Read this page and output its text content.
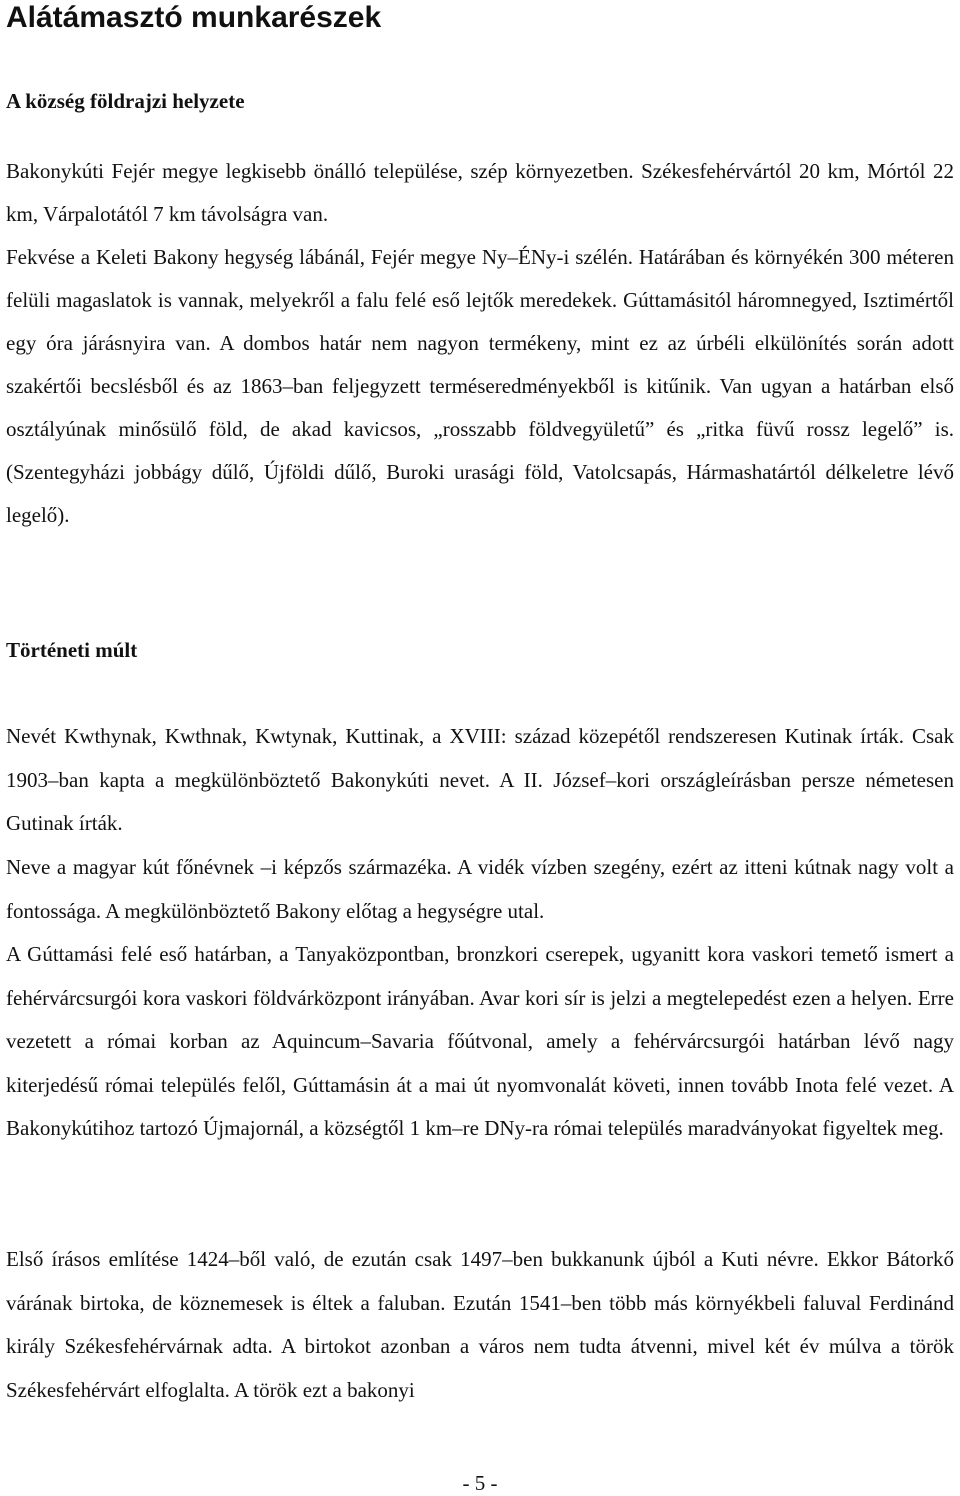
Alátámasztó munkarészek
A község földrajzi helyzete

Bakonykúti Fejér megye legkisebb önálló települése, szép környezetben. Székesfehérvártól 20 km, Mórtól 22 km, Várpalotától 7 km távolságra van.

Fekvése a Keleti Bakony hegység lábánál, Fejér megye Ny–ÉNy-i szélén. Határában és környékén 300 méteren felüli magaslatok is vannak, melyekről a falu felé eső lejtők meredekek. Gúttamásitól háromnegyed, Isztimértől egy óra járásnyira van. A dombos határ nem nagyon termékeny, mint ez az úrbéli elkülönítés során adott szakértői becslésből és az 1863–ban feljegyzett terméseredményekből is kitűnik. Van ugyan a határban első osztályúnak minősülő föld, de akad kavicsos, „rosszabb földvegyületű” és „ritka füvű rossz legelő” is. (Szentegyházi jobbágy dűlő, Újföldi dűlő, Buroki urasági föld, Vatolcsapás, Hármashatártól délkeletre lévő legelő).

Történeti múlt

Nevét Kwthynak, Kwthnak, Kwtynak, Kuttinak, a XVIII: század közepétől rendszeresen Kutinak írták. Csak 1903–ban kapta a megkülönböztető Bakonykúti nevet. A II. József–kori országleírásban persze németesen Gutinak írták.

Neve a magyar kút főnévnek –i képzős származéka. A vidék vízben szegény, ezért az itteni kútnak nagy volt a fontossága. A megkülönböztető Bakony előtag a hegységre utal.

A Gúttamási felé eső határban, a Tanyaközpontban, bronzkori cserepek, ugyanitt kora vaskori temető ismert a fehérvárcsurgói kora vaskori földvárközpont irányában. Avar kori sír is jelzi a megtelepedést ezen a helyen. Erre vezetett a római korban az Aquincum–Savaria főútvonal, amely a fehérvárcsurgói határban lévő nagy kiterjedésű római település felől, Gúttamásin át a mai út nyomvonalát követi, innen tovább Inota felé vezet. A Bakonykútihoz tartozó Újmajornál, a községtől 1 km–re DNy-ra római település maradványokat figyeltek meg.

Első írásos említése 1424–ből való, de ezután csak 1497–ben bukkanunk újból a Kuti névre. Ekkor Bátorkő várának birtoka, de köznemesek is éltek a faluban. Ezután 1541–ben több más környékbeli faluval Ferdinánd király Székesfehérvárnak adta. A birtokot azonban a város nem tudta átvenni, mivel két év múlva a török Székesfehérvárt elfoglalta. A török ezt a bakonyi

- 5 -
